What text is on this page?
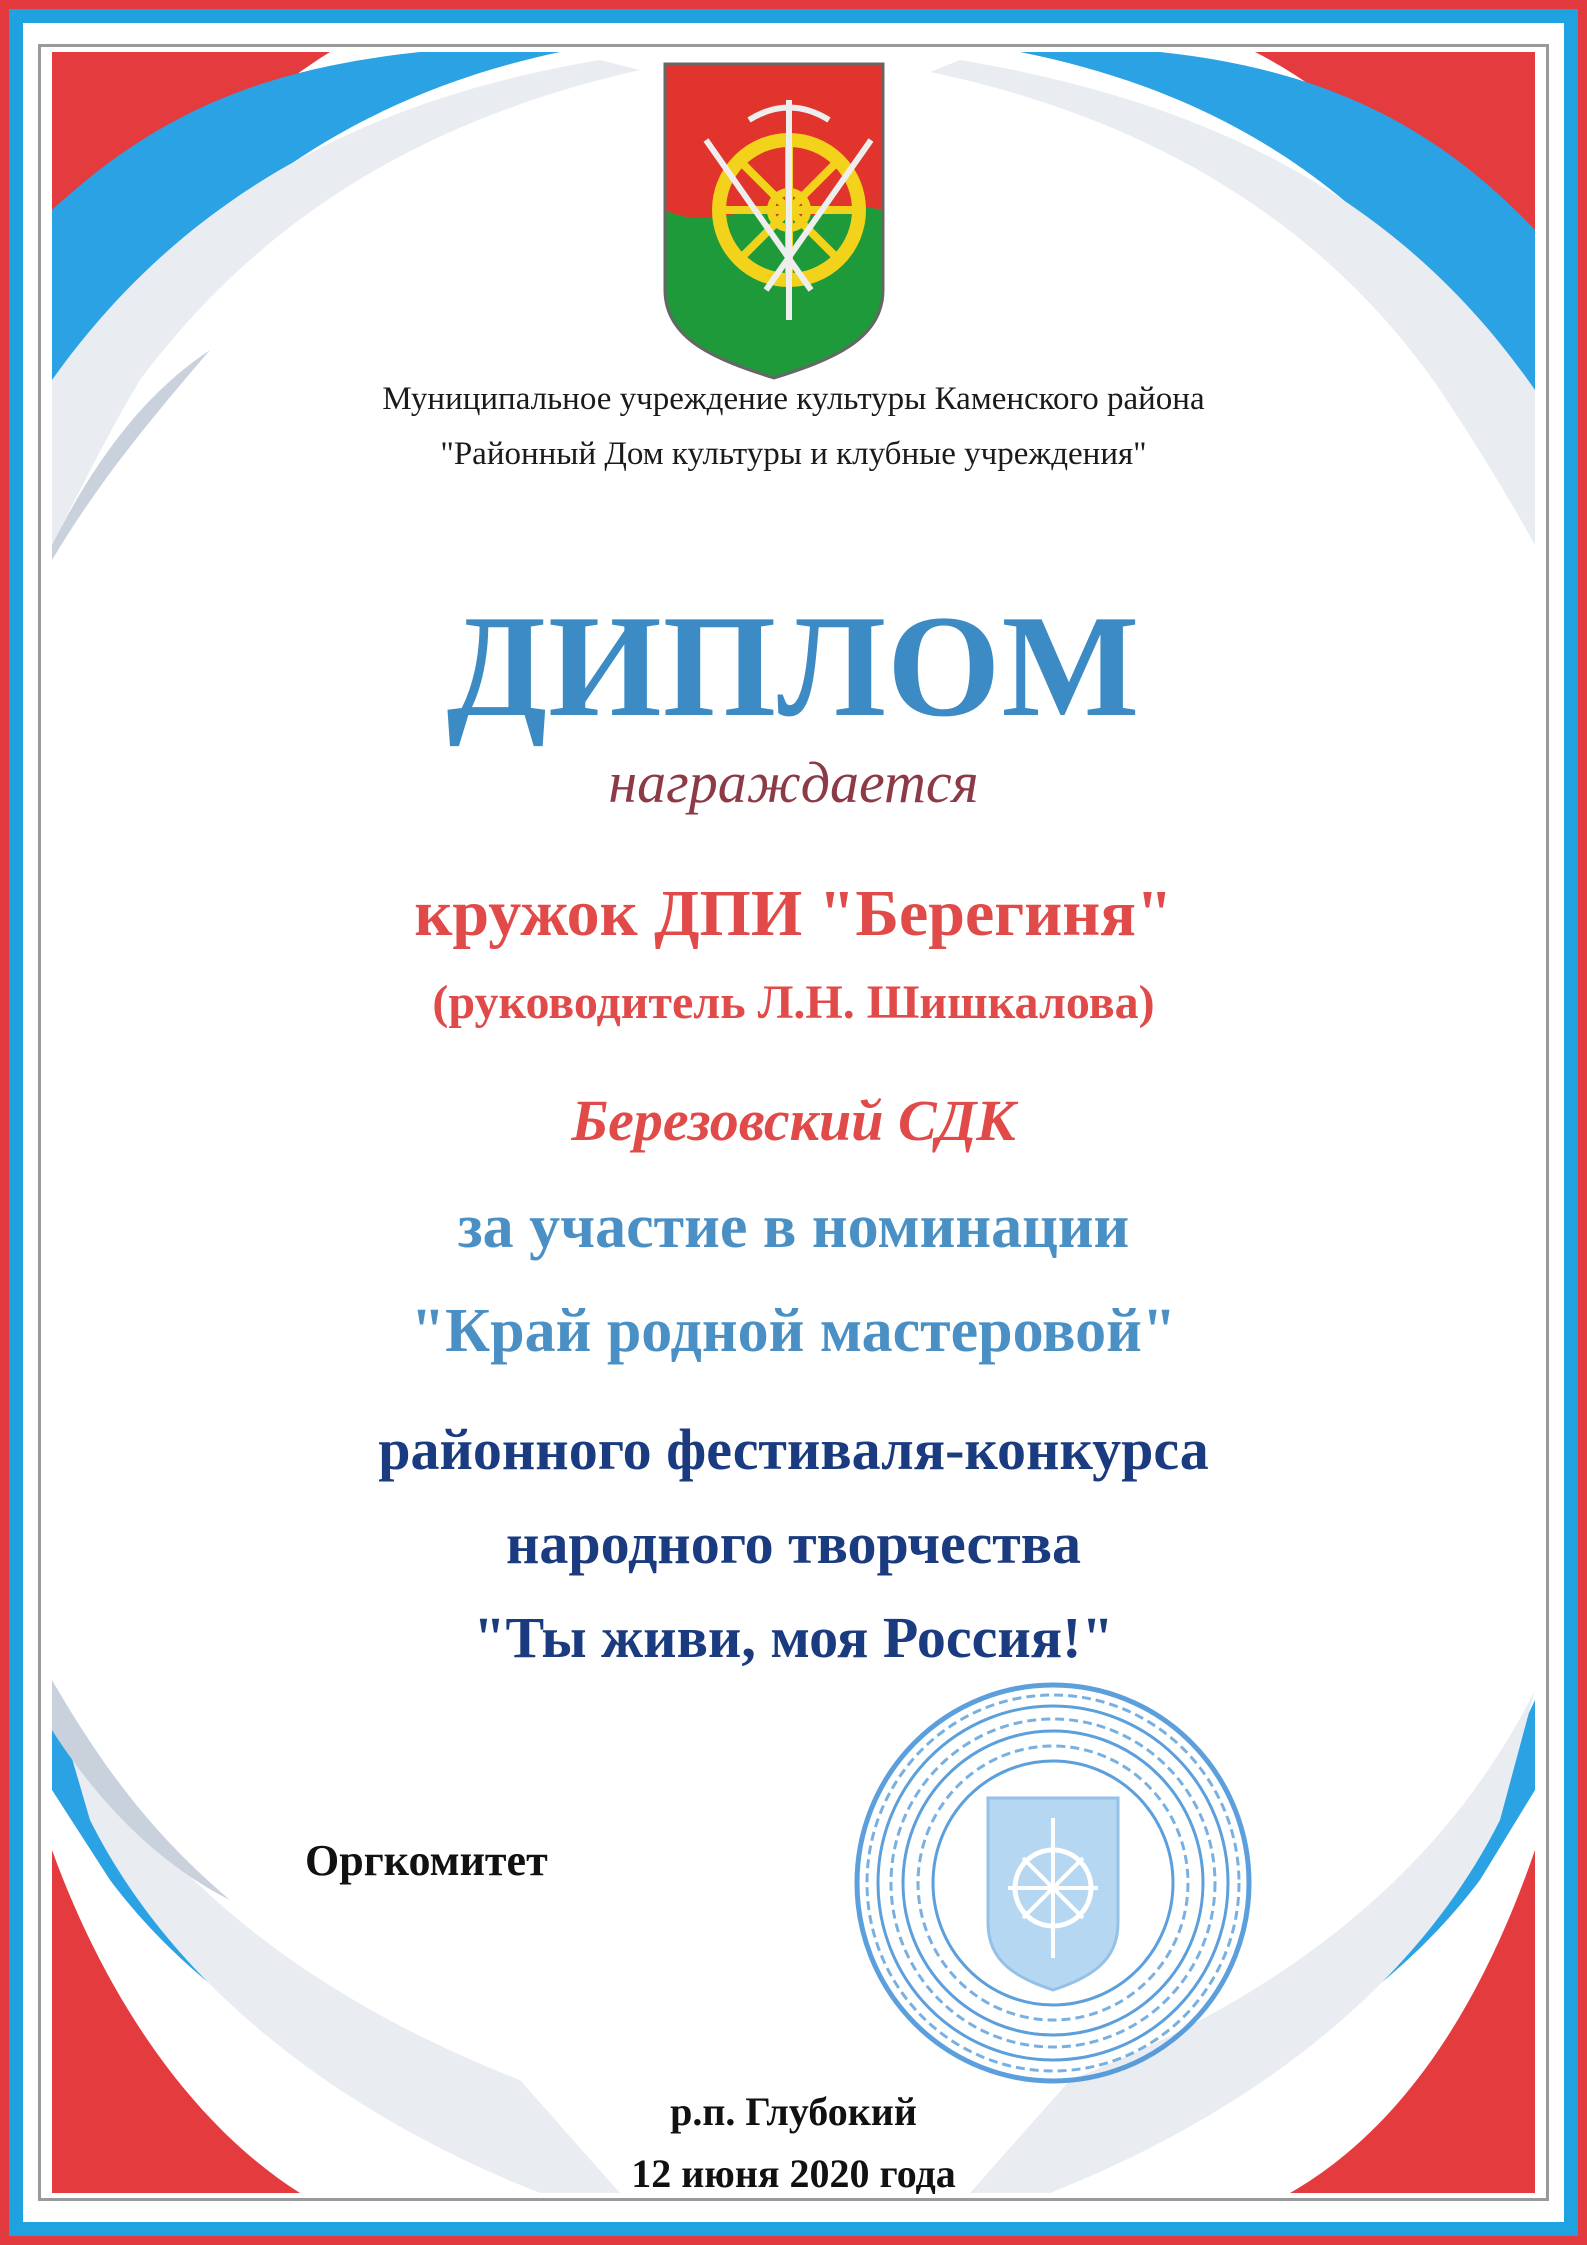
Муниципальное учреждение культуры Каменского района

"Районный Дом культуры и клубные учреждения"

ДИПЛОМ

награждается

кружок ДПИ "Берегиня"

(руководитель Л.Н. Шишкалова)

Березовский СДК

за участие в номинации

"Край родной мастеровой"

районного фестиваля-конкурса

народного творчества

"Ты живи, моя Россия!"

Оргкомитет

р.п. Глубокий

12 июня 2020 года
